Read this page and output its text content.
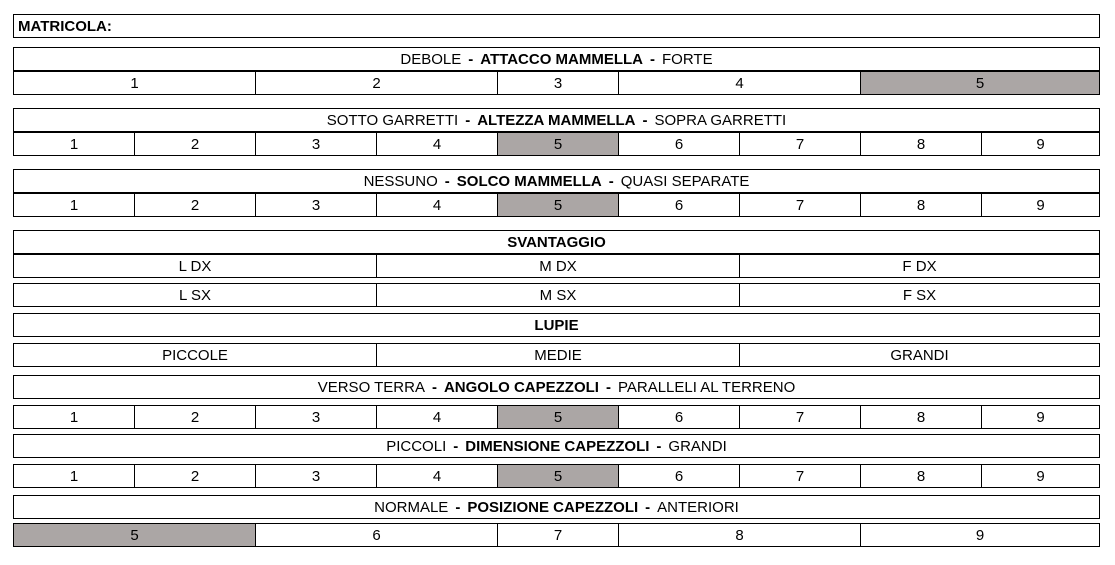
MATRICOLA:
DEBOLE - ATTACCO MAMMELLA - FORTE
1	2	3	4	5
SOTTO GARRETTI - ALTEZZA MAMMELLA - SOPRA GARRETTI
1	2	3	4	5	6	7	8	9
NESSUNO - SOLCO MAMMELLA - QUASI SEPARATE
1	2	3	4	5	6	7	8	9
SVANTAGGIO
L DX	M DX	F DX
L SX	M SX	F SX
LUPIE
PICCOLE	MEDIE	GRANDI
VERSO TERRA - ANGOLO CAPEZZOLI - PARALLELI AL TERRENO
1	2	3	4	5	6	7	8	9
PICCOLI - DIMENSIONE CAPEZZOLI - GRANDI
1	2	3	4	5	6	7	8	9
NORMALE - POSIZIONE CAPEZZOLI - ANTERIORI
5	6	7	8	9
